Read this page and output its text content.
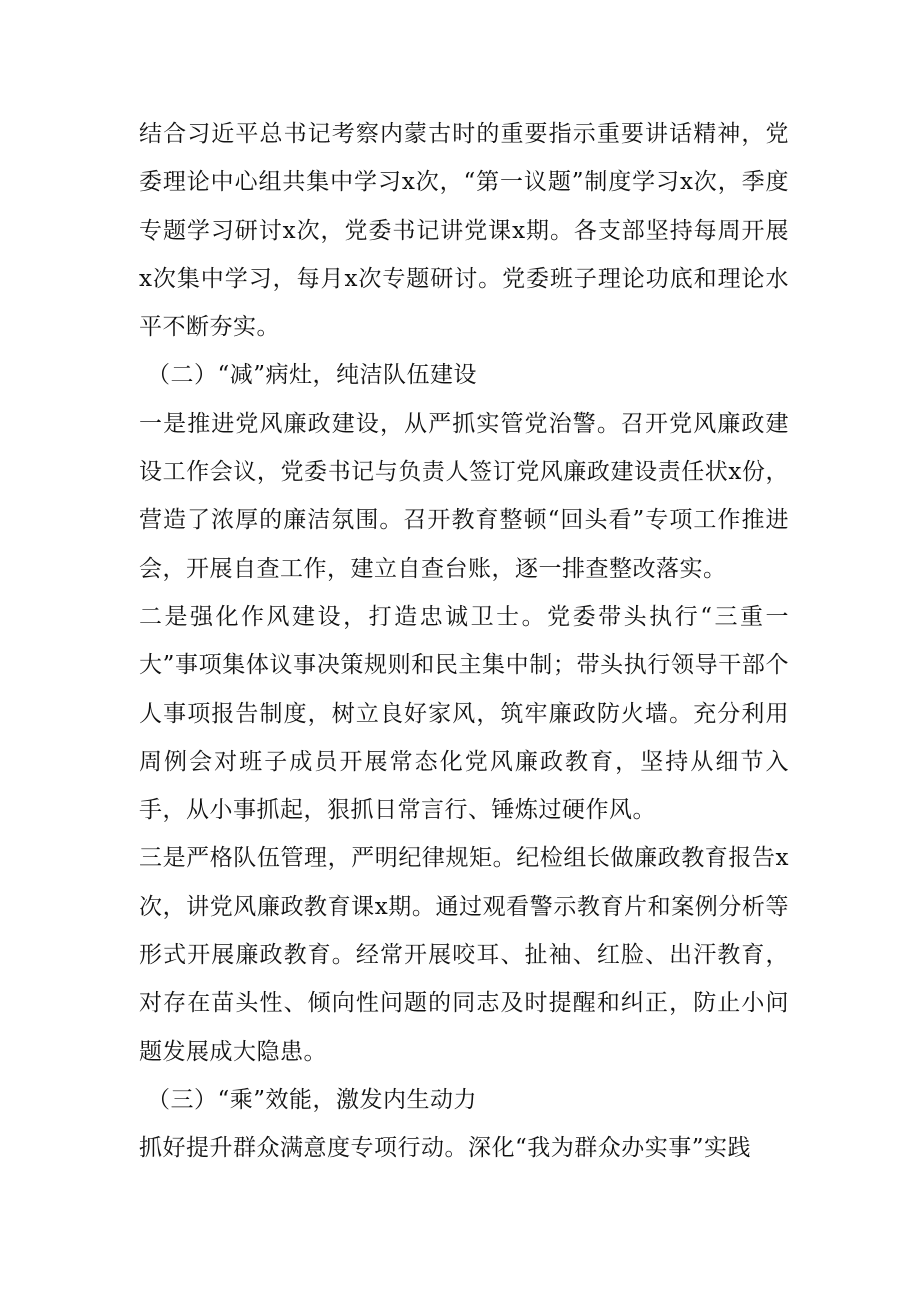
结合习近平总书记考察内蒙古时的重要指示重要讲话精神，党委理论中心组共集中学习x次，“第一议题”制度学习x次，季度专题学习研讨x次，党委书记讲党课x期。各支部坚持每周开展x次集中学习，每月x次专题研讨。党委班子理论功底和理论水平不断夯实。

（二）“减”病灶，纯洁队伍建设

一是推进党风廉政建设，从严抓实管党治警。召开党风廉政建设工作会议，党委书记与负责人签订党风廉政建设责任状x份，营造了浓厚的廉洁氛围。召开教育整顿“回头看”专项工作推进会，开展自查工作，建立自查台账，逐一排查整改落实。

二是强化作风建设，打造忠诚卫士。党委带头执行“三重一大”事项集体议事决策规则和民主集中制；带头执行领导干部个人事项报告制度，树立良好家风，筑牢廉政防火墙。充分利用周例会对班子成员开展常态化党风廉政教育，坚持从细节入手，从小事抓起，狠抓日常言行、锤炼过硬作风。

三是严格队伍管理，严明纪律规矩。纪检组长做廉政教育报告x次，讲党风廉政教育课x期。通过观看警示教育片和案例分析等形式开展廉政教育。经常开展咬耳、扯袖、红脸、出汗教育，对存在苗头性、倾向性问题的同志及时提醒和纠正，防止小问题发展成大隐患。

（三）“乘”效能，激发内生动力

抓好提升群众满意度专项行动。深化“我为群众办实事”实践
